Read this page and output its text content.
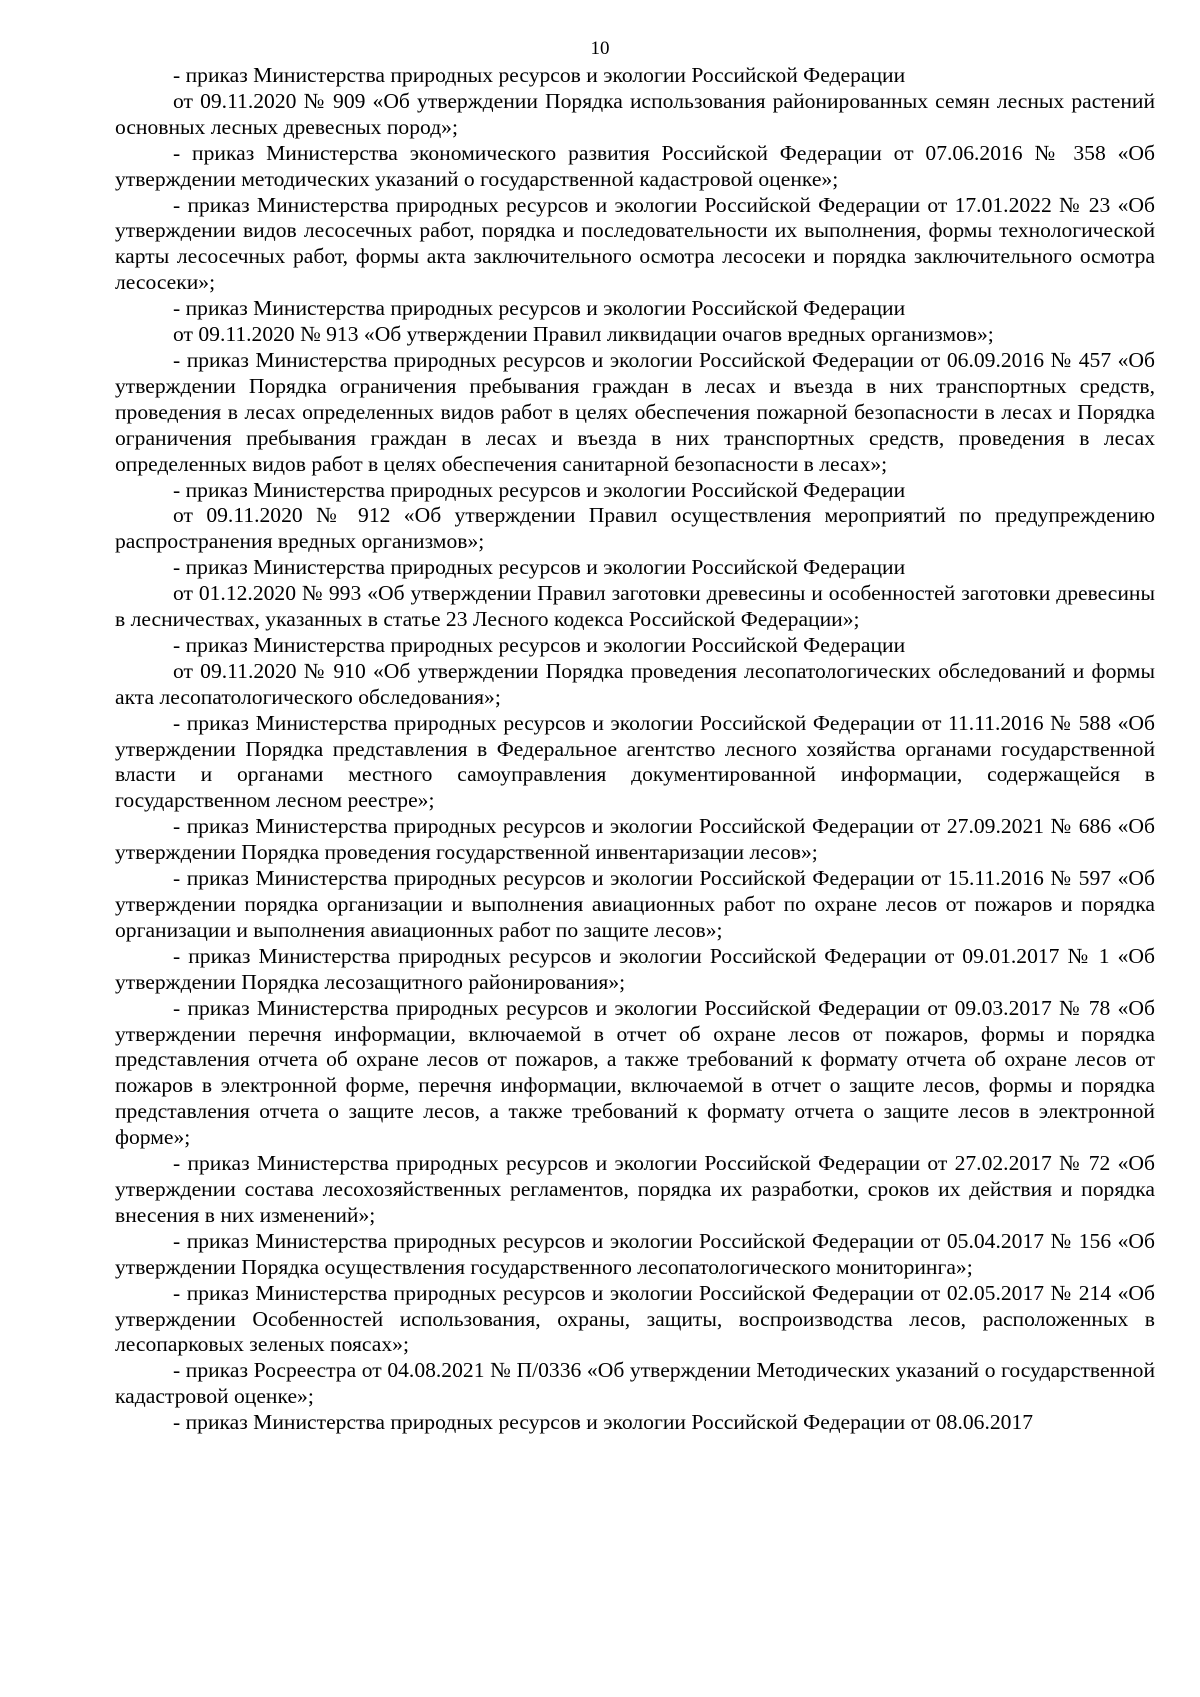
10

- приказ Министерства природных ресурсов и экологии Российской Федерации

от 09.11.2020 № 909 «Об утверждении Порядка использования районированных семян лесных растений основных лесных древесных пород»;

- приказ Министерства экономического развития Российской Федерации от 07.06.2016 № 358 «Об утверждении методических указаний о государственной кадастровой оценке»;

- приказ Министерства природных ресурсов и экологии Российской Федерации от 17.01.2022 № 23 «Об утверждении видов лесосечных работ, порядка и последовательности их выполнения, формы технологической карты лесосечных работ, формы акта заключительного осмотра лесосеки и порядка заключительного осмотра лесосеки»;

- приказ Министерства природных ресурсов и экологии Российской Федерации

от 09.11.2020 № 913 «Об утверждении Правил ликвидации очагов вредных организмов»;

- приказ Министерства природных ресурсов и экологии Российской Федерации от 06.09.2016 № 457 «Об утверждении Порядка ограничения пребывания граждан в лесах и въезда в них транспортных средств, проведения в лесах определенных видов работ в целях обеспечения пожарной безопасности в лесах и Порядка ограничения пребывания граждан в лесах и въезда в них транспортных средств, проведения в лесах определенных видов работ в целях обеспечения санитарной безопасности в лесах»;

- приказ Министерства природных ресурсов и экологии Российской Федерации

от 09.11.2020 № 912 «Об утверждении Правил осуществления мероприятий по предупреждению распространения вредных организмов»;

- приказ Министерства природных ресурсов и экологии Российской Федерации

от 01.12.2020 № 993 «Об утверждении Правил заготовки древесины и особенностей заготовки древесины в лесничествах, указанных в статье 23 Лесного кодекса Российской Федерации»;

- приказ Министерства природных ресурсов и экологии Российской Федерации

от 09.11.2020 № 910 «Об утверждении Порядка проведения лесопатологических обследований и формы акта лесопатологического обследования»;

- приказ Министерства природных ресурсов и экологии Российской Федерации от 11.11.2016 № 588 «Об утверждении Порядка представления в Федеральное агентство лесного хозяйства органами государственной власти и органами местного самоуправления документированной информации, содержащейся в государственном лесном реестре»;

- приказ Министерства природных ресурсов и экологии Российской Федерации от 27.09.2021 № 686 «Об утверждении Порядка проведения государственной инвентаризации лесов»;

- приказ Министерства природных ресурсов и экологии Российской Федерации от 15.11.2016 № 597 «Об утверждении порядка организации и выполнения авиационных работ по охране лесов от пожаров и порядка организации и выполнения авиационных работ по защите лесов»;

- приказ Министерства природных ресурсов и экологии Российской Федерации от 09.01.2017 № 1 «Об утверждении Порядка лесозащитного районирования»;

- приказ Министерства природных ресурсов и экологии Российской Федерации от 09.03.2017 № 78 «Об утверждении перечня информации, включаемой в отчет об охране лесов от пожаров, формы и порядка представления отчета об охране лесов от пожаров, а также требований к формату отчета об охране лесов от пожаров в электронной форме, перечня информации, включаемой в отчет о защите лесов, формы и порядка представления отчета о защите лесов, а также требований к формату отчета о защите лесов в электронной форме»;

- приказ Министерства природных ресурсов и экологии Российской Федерации от 27.02.2017 № 72 «Об утверждении состава лесохозяйственных регламентов, порядка их разработки, сроков их действия и порядка внесения в них изменений»;

- приказ Министерства природных ресурсов и экологии Российской Федерации от 05.04.2017 № 156 «Об утверждении Порядка осуществления государственного лесопатологического мониторинга»;

- приказ Министерства природных ресурсов и экологии Российской Федерации от 02.05.2017 № 214 «Об утверждении Особенностей использования, охраны, защиты, воспроизводства лесов, расположенных в лесопарковых зеленых поясах»;

- приказ Росреестра от 04.08.2021 № П/0336 «Об утверждении Методических указаний о государственной кадастровой оценке»;

- приказ Министерства природных ресурсов и экологии Российской Федерации от 08.06.2017
